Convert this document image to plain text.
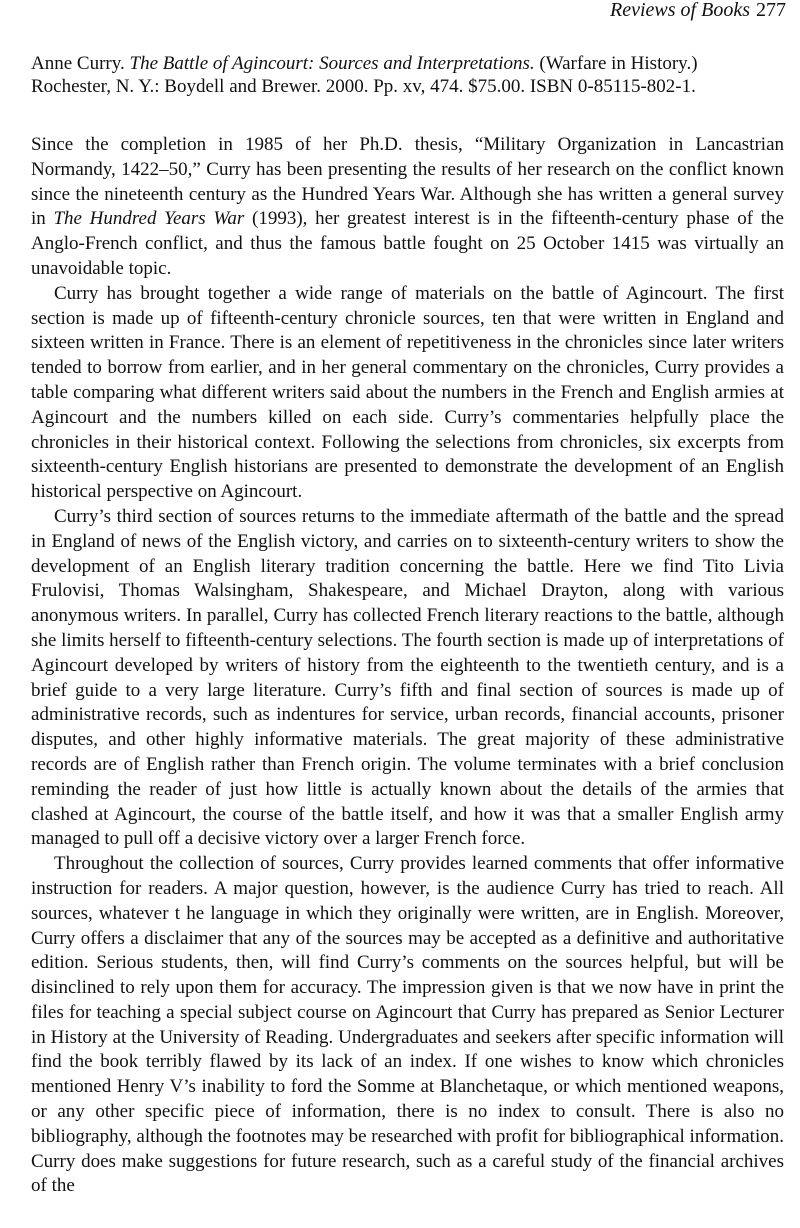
Reviews of Books 277
Anne Curry. The Battle of Agincourt: Sources and Interpretations. (Warfare in History.)
Rochester, N. Y.: Boydell and Brewer. 2000. Pp. xv, 474. $75.00. ISBN 0-85115-802-1.

Since the completion in 1985 of her Ph.D. thesis, “Military Organization in Lancastrian Normandy, 1422–50,” Curry has been presenting the results of her research on the conflict known since the nineteenth century as the Hundred Years War. Although she has written a general survey in The Hundred Years War (1993), her greatest interest is in the fifteenth-century phase of the Anglo-French conflict, and thus the famous battle fought on 25 October 1415 was virtually an unavoidable topic.

Curry has brought together a wide range of materials on the battle of Agincourt. The first section is made up of fifteenth-century chronicle sources, ten that were written in England and sixteen written in France. There is an element of repetitiveness in the chronicles since later writers tended to borrow from earlier, and in her general commentary on the chronicles, Curry provides a table comparing what different writers said about the numbers in the French and English armies at Agincourt and the numbers killed on each side. Curry’s commentaries helpfully place the chronicles in their historical context. Following the selections from chronicles, six excerpts from sixteenth-century English historians are presented to demonstrate the development of an English historical perspective on Agincourt.

Curry’s third section of sources returns to the immediate aftermath of the battle and the spread in England of news of the English victory, and carries on to sixteenth-century writers to show the development of an English literary tradition concerning the battle. Here we find Tito Livia Frulovisi, Thomas Walsingham, Shakespeare, and Michael Drayton, along with various anonymous writers. In parallel, Curry has collected French literary reactions to the battle, although she limits herself to fifteenth-century selections. The fourth section is made up of interpretations of Agincourt developed by writers of history from the eighteenth to the twentieth century, and is a brief guide to a very large literature. Curry’s fifth and final section of sources is made up of administrative records, such as indentures for service, urban records, financial accounts, prisoner disputes, and other highly informative materials. The great majority of these administrative records are of English rather than French origin. The volume terminates with a brief conclusion reminding the reader of just how little is actually known about the details of the armies that clashed at Agincourt, the course of the battle itself, and how it was that a smaller English army managed to pull off a decisive victory over a larger French force.

Throughout the collection of sources, Curry provides learned comments that offer informative instruction for readers. A major question, however, is the audience Curry has tried to reach. All sources, whatever t he language in which they originally were written, are in English. Moreover, Curry offers a disclaimer that any of the sources may be accepted as a definitive and authoritative edition. Serious students, then, will find Curry’s comments on the sources helpful, but will be disinclined to rely upon them for accuracy. The impression given is that we now have in print the files for teaching a special subject course on Agincourt that Curry has prepared as Senior Lecturer in History at the University of Reading. Undergraduates and seekers after specific information will find the book terribly flawed by its lack of an index. If one wishes to know which chronicles mentioned Henry V’s inability to ford the Somme at Blanchetaque, or which mentioned weapons, or any other specific piece of information, there is no index to consult. There is also no bibliography, although the footnotes may be researched with profit for bibliographical information. Curry does make suggestions for future research, such as a careful study of the financial archives of the
